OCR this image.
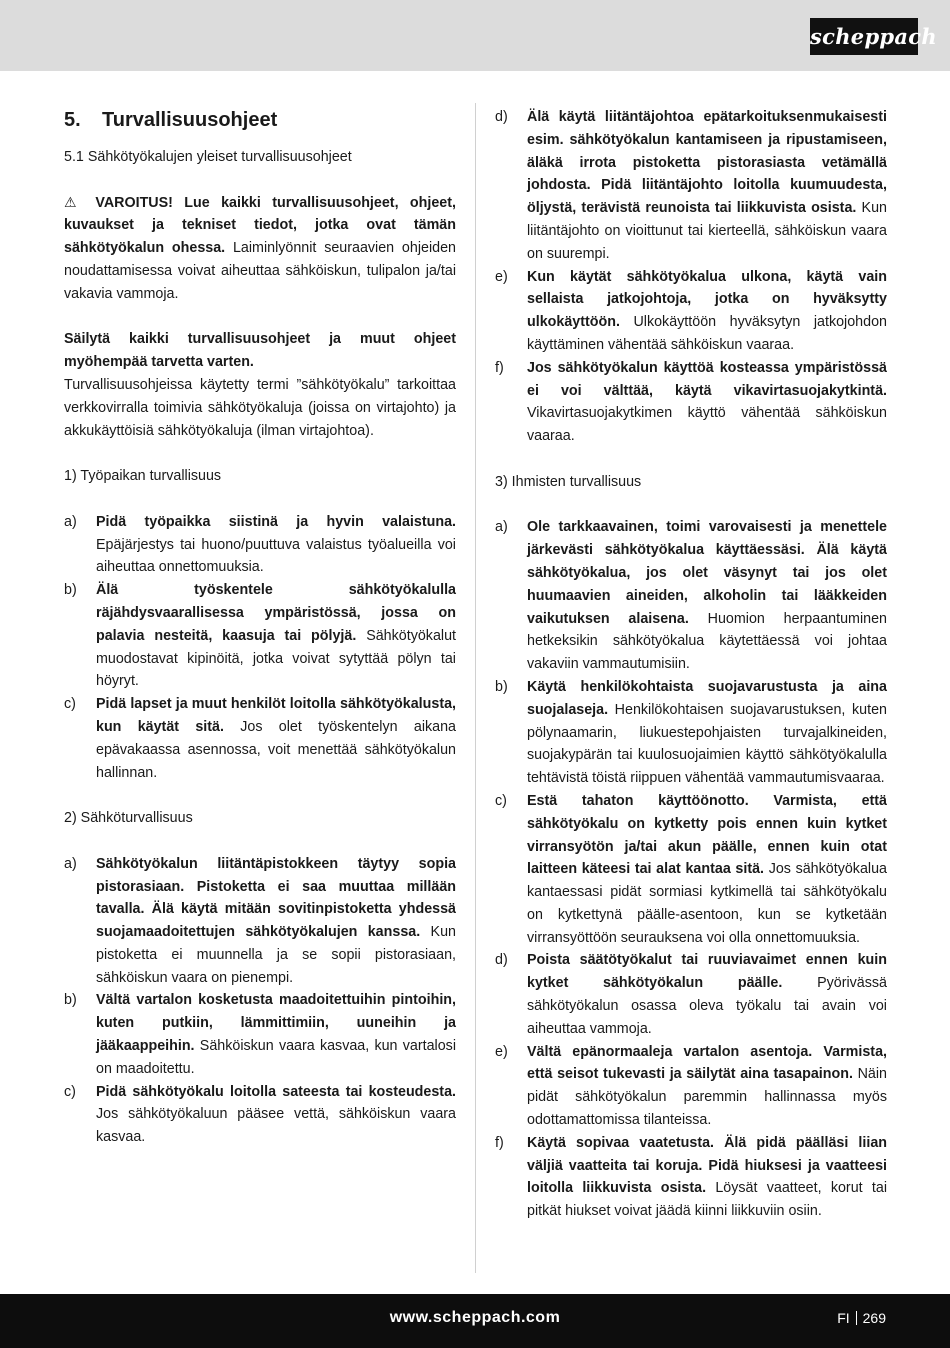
scheppach
5. Turvallisuusohjeet

5.1 Sähkötyökalujen yleiset turvallisuusohjeet

⚠ VAROITUS! Lue kaikki turvallisuusohjeet, ohjeet, kuvaukset ja tekniset tiedot, jotka ovat tämän sähkötyökalun ohessa. Laiminlyönnit seuraavien ohjeiden noudattamisessa voivat aiheuttaa sähköiskun, tulipalon ja/tai vakavia vammoja.

Säilytä kaikki turvallisuusohjeet ja muut ohjeet myöhempää tarvetta varten.

Turvallisuusohjeissa käytetty termi ”sähkötyökalu” tarkoittaa verkkovirralla toimivia sähkötyökaluja (joissa on virtajohto) ja akkukäyttöisiä sähkötyökaluja (ilman virtajohtoa).

1) Työpaikan turvallisuus

a) Pidä työpaikka siistinä ja hyvin valaistuna. Epäjärjestys tai huono/puuttuva valaistus työalueilla voi aiheuttaa onnettomuuksia.
b) Älä työskentele sähkötyökalulla räjähdysvaarallisessa ympäristössä, jossa on palavia nesteitä, kaasuja tai pölyjä. Sähkötyökalut muodostavat kipinöitä, jotka voivat sytyttää pölyn tai höyryt.
c) Pidä lapset ja muut henkilöt loitolla sähkötyökalusta, kun käytät sitä. Jos olet työskentelyn aikana epävakaassa asennossa, voit menettää sähkötyökalun hallinnan.

2) Sähköturvallisuus

a) Sähkötyökalun liitäntäpistokkeen täytyy sopia pistorasiaan. Pistoketta ei saa muuttaa millään tavalla. Älä käytä mitään sovitinpistoketta yhdessä suojamaadoitettujen sähkötyökalujen kanssa. Kun pistoketta ei muunnella ja se sopii pistorasiaan, sähköiskun vaara on pienempi.
b) Vältä vartalon kosketusta maadoitettuihin pintoihin, kuten putkiin, lämmittimiin, uuneihin ja jääkaappeihin. Sähköiskun vaara kasvaa, kun vartalosi on maadoitettu.
c) Pidä sähkötyökalu loitolla sateesta tai kosteudesta. Jos sähkötyökaluun pääsee vettä, sähköiskun vaara kasvaa.
d) Älä käytä liitäntäjohtoa epätarkoituksenmukaisesti esim. sähkötyökalun kantamiseen ja ripustamiseen, äläkä irrota pistoketta pistorasiasta vetämällä johdosta. Pidä liitäntäjohto loitolla kuumuudesta, öljystä, terävistä reunoista tai liikkuvista osista. Kun liitäntäjohto on vioittunut tai kierteellä, sähköiskun vaara on suurempi.
e) Kun käytät sähkötyökalua ulkona, käytä vain sellaista jatkojohtoja, jotka on hyväksytty ulkokäyttöön. Ulkokäyttöön hyväksytyn jatkojohdon käyttäminen vähentää sähköiskun vaaraa.
f) Jos sähkötyökalun käyttöä kosteassa ympäristössä ei voi välttää, käytä vikavirtasuojakytkintä. Vikavirtasuojakytkimen käyttö vähentää sähköiskun vaaraa.

3) Ihmisten turvallisuus

a) Ole tarkkaavainen, toimi varovaisesti ja menettele järkevästi sähkötyökalua käyttäessäsi. Älä käytä sähkötyökalua, jos olet väsynyt tai jos olet huumaavien aineiden, alkoholin tai lääkkeiden vaikutuksen alaisena. Huomion herpaantuminen hetkeksikin sähkötyökalua käytettäessä voi johtaa vakaviin vammautumisiin.
b) Käytä henkilökohtaista suojavarustusta ja aina suojalaseja. Henkilökohtaisen suojavarustuksen, kuten pölynaamarin, liukuestepohjaisten turvajalkineiden, suojakypärän tai kuulosuojaimien käyttö sähkötyökalulla tehtävistä töistä riippuen vähentää vammautumisvaaraa.
c) Estä tahaton käyttöönotto. Varmista, että sähkötyökalu on kytketty pois ennen kuin kytket virransyötön ja/tai akun päälle, ennen kuin otat laitteen käteesi tai alat kantaa sitä. Jos sähkötyökalua kantaessasi pidät sormiasi kytkimellä tai sähkötyökalu on kytkettynä päälle-asentoon, kun se kytketään virransyöttöön seurauksena voi olla onnettomuuksia.
d) Poista säätötyökalut tai ruuviavaimet ennen kuin kytket sähkötyökalun päälle. Pyörivässä sähkötyökalun osassa oleva työkalu tai avain voi aiheuttaa vammoja.
e) Vältä epänormaaleja vartalon asentoja. Varmista, että seisot tukevasti ja säilytät aina tasapainon. Näin pidät sähkötyökalun paremmin hallinnassa myös odottamattomissa tilanteissa.
f) Käytä sopivaa vaatetusta. Älä pidä päälläsi liian väljiä vaatteita tai koruja. Pidä hiuksesi ja vaatteesi loitolla liikkuvista osista. Löysät vaatteet, korut tai pitkät hiukset voivat jäädä kiinni liikkuviin osiin.
www.scheppach.com	FI 269
